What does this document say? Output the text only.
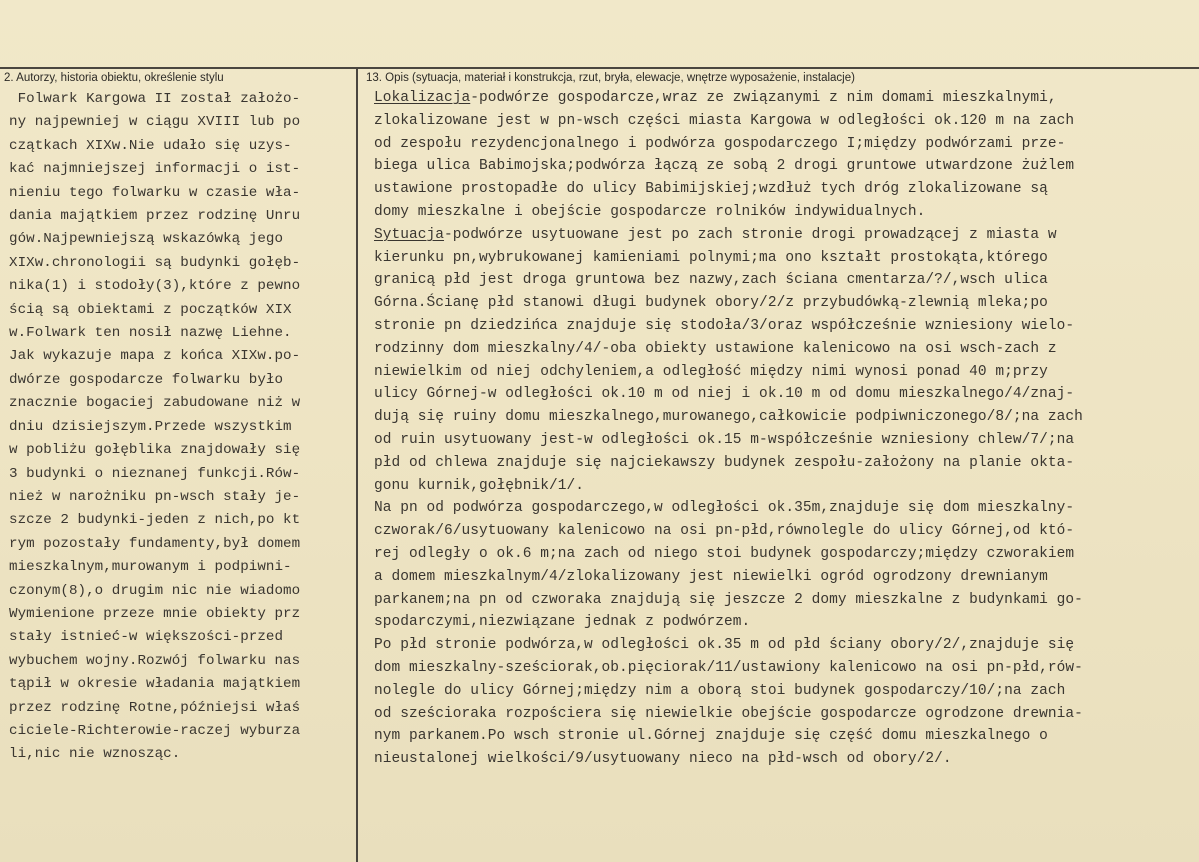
2. Autorzy, historia obiektu, określenie stylu	13. Opis (sytuacja, materiał i konstrukcja, rzut, bryła, elewacje, wnętrze wyposażenie, instalacje)
Folwark Kargowa II został założo-
ny najpewniej w ciągu XVIII lub po
czątkach XIXw.Nie udało się uzys-
kać najmniejszej informacji o ist-
nieniu tego folwarku w czasie wła-
dania majątkiem przez rodzinę Unru
gów.Najpewniejszą wskazówką jego
XIXw.chronologii są budynki gołęb-
nika(1) i stodoły(3),które z pewno
ścią są obiektami z początków XIX
w.Folwark ten nosił nazwę Liehne.
Jak wykazuje mapa z końca XIXw.po-
dwórze gospodarcze folwarku było
znacznie bogaciej zabudowane niż w
dniu dzisiejszym.Przede wszystkim
w pobliżu gołęblika znajdowały się
3 budynki o nieznanej funkcji.Rów-
nież w narożniku pn-wsch stały je-
szcze 2 budynki-jeden z nich,po kt
rym pozostały fundamenty,był domem
mieszkalnym,murowanym i podpiwni-
czonym(8),o drugim nic nie wiadomo
Wymienione przeze mnie obiekty prz
stały istnieć-w większości-przed
wybuchem wojny.Rozwój folwarku nas
tąpił w okresie władania majątkiem
przez rodzinę Rotne,późniejsi właś
ciciele-Richterowie-raczej wyburza
li,nic nie wznosząc.
Lokalizacja-podwórze gospodarcze,wraz ze związanymi z nim domami mieszkalnymi,
zlokalizowane jest w pn-wsch części miasta Kargowa w odległości ok.120 m na zach
od zespołu rezydencjonalnego i podwórza gospodarczego I;między podwórzami prze-
biega ulica Babimojska;podwórza łączą ze sobą 2 drogi gruntowe utwardzone żużlem
ustawione prostopadłe do ulicy Babimijskiej;wzdłuż tych dróg zlokalizowane są
domy mieszkalne i obejście gospodarcze rolników indywidualnych.
Sytuacja-podwórze usytuowane jest po zach stronie drogi prowadzącej z miasta w
kierunku pn,wybrukowanej kamieniami polnymi;ma ono kształt prostokąta,którego
granicą płd jest droga gruntowa bez nazwy,zach ściana cmentarza/?/,wsch ulica
Górna.Ścianę płd stanowi długi budynek obory/2/z przybudówką-zlewnią mleka;po
stronie pn dziedzińca znajduje się stodoła/3/oraz współcześnie wzniesiony wielo-
rodzinny dom mieszkalny/4/-oba obiekty ustawione kalenicowo na osi wsch-zach z
niewielkim od niej odchyleniem,a odległość między nimi wynosi ponad 40 m;przy
ulicy Górnej-w odległości ok.10 m od niej i ok.10 m od domu mieszkalnego/4/znaj-
dują się ruiny domu mieszkalnego,murowanego,całkowicie podpiwniczonego/8/;na zach
od ruin usytuowany jest-w odległości ok.15 m-współcześnie wzniesiony chlew/7/;na
płd od chlewa znajduje się najciekawszy budynek zespołu-założony na planie okta-
gonu kurnik,gołębnik/1/.
Na pn od podwórza gospodarczego,w odległości ok.35m,znajduje się dom mieszkalny-
czworak/6/usytuowany kalenicowo na osi pn-płd,równolegle do ulicy Górnej,od któ-
rej odległy o ok.6 m;na zach od niego stoi budynek gospodarczy;między czworakiem
a domem mieszkalnym/4/zlokalizowany jest niewielki ogród ogrodzony drewnianym
parkanem;na pn od czworaka znajdują się jeszcze 2 domy mieszkalne z budynkami go-
spodarczymi,niezwiązane jednak z podwórzem.
Po płd stronie podwórza,w odległości ok.35 m od płd ściany obory/2/,znajduje się
dom mieszkalny-sześciorak,ob.pięciorak/11/ustawiony kalenicowo na osi pn-płd,rów-
nolegle do ulicy Górnej;między nim a oborą stoi budynek gospodarczy/10/;na zach
od sześcioraka rozpościera się niewielkie obejście gospodarcze ogrodzone drewnia-
nym parkanem.Po wsch stronie ul.Górnej znajduje się część domu mieszkalnego o
nieustalonej wielkości/9/usytuowany nieco na płd-wsch od obory/2/.
